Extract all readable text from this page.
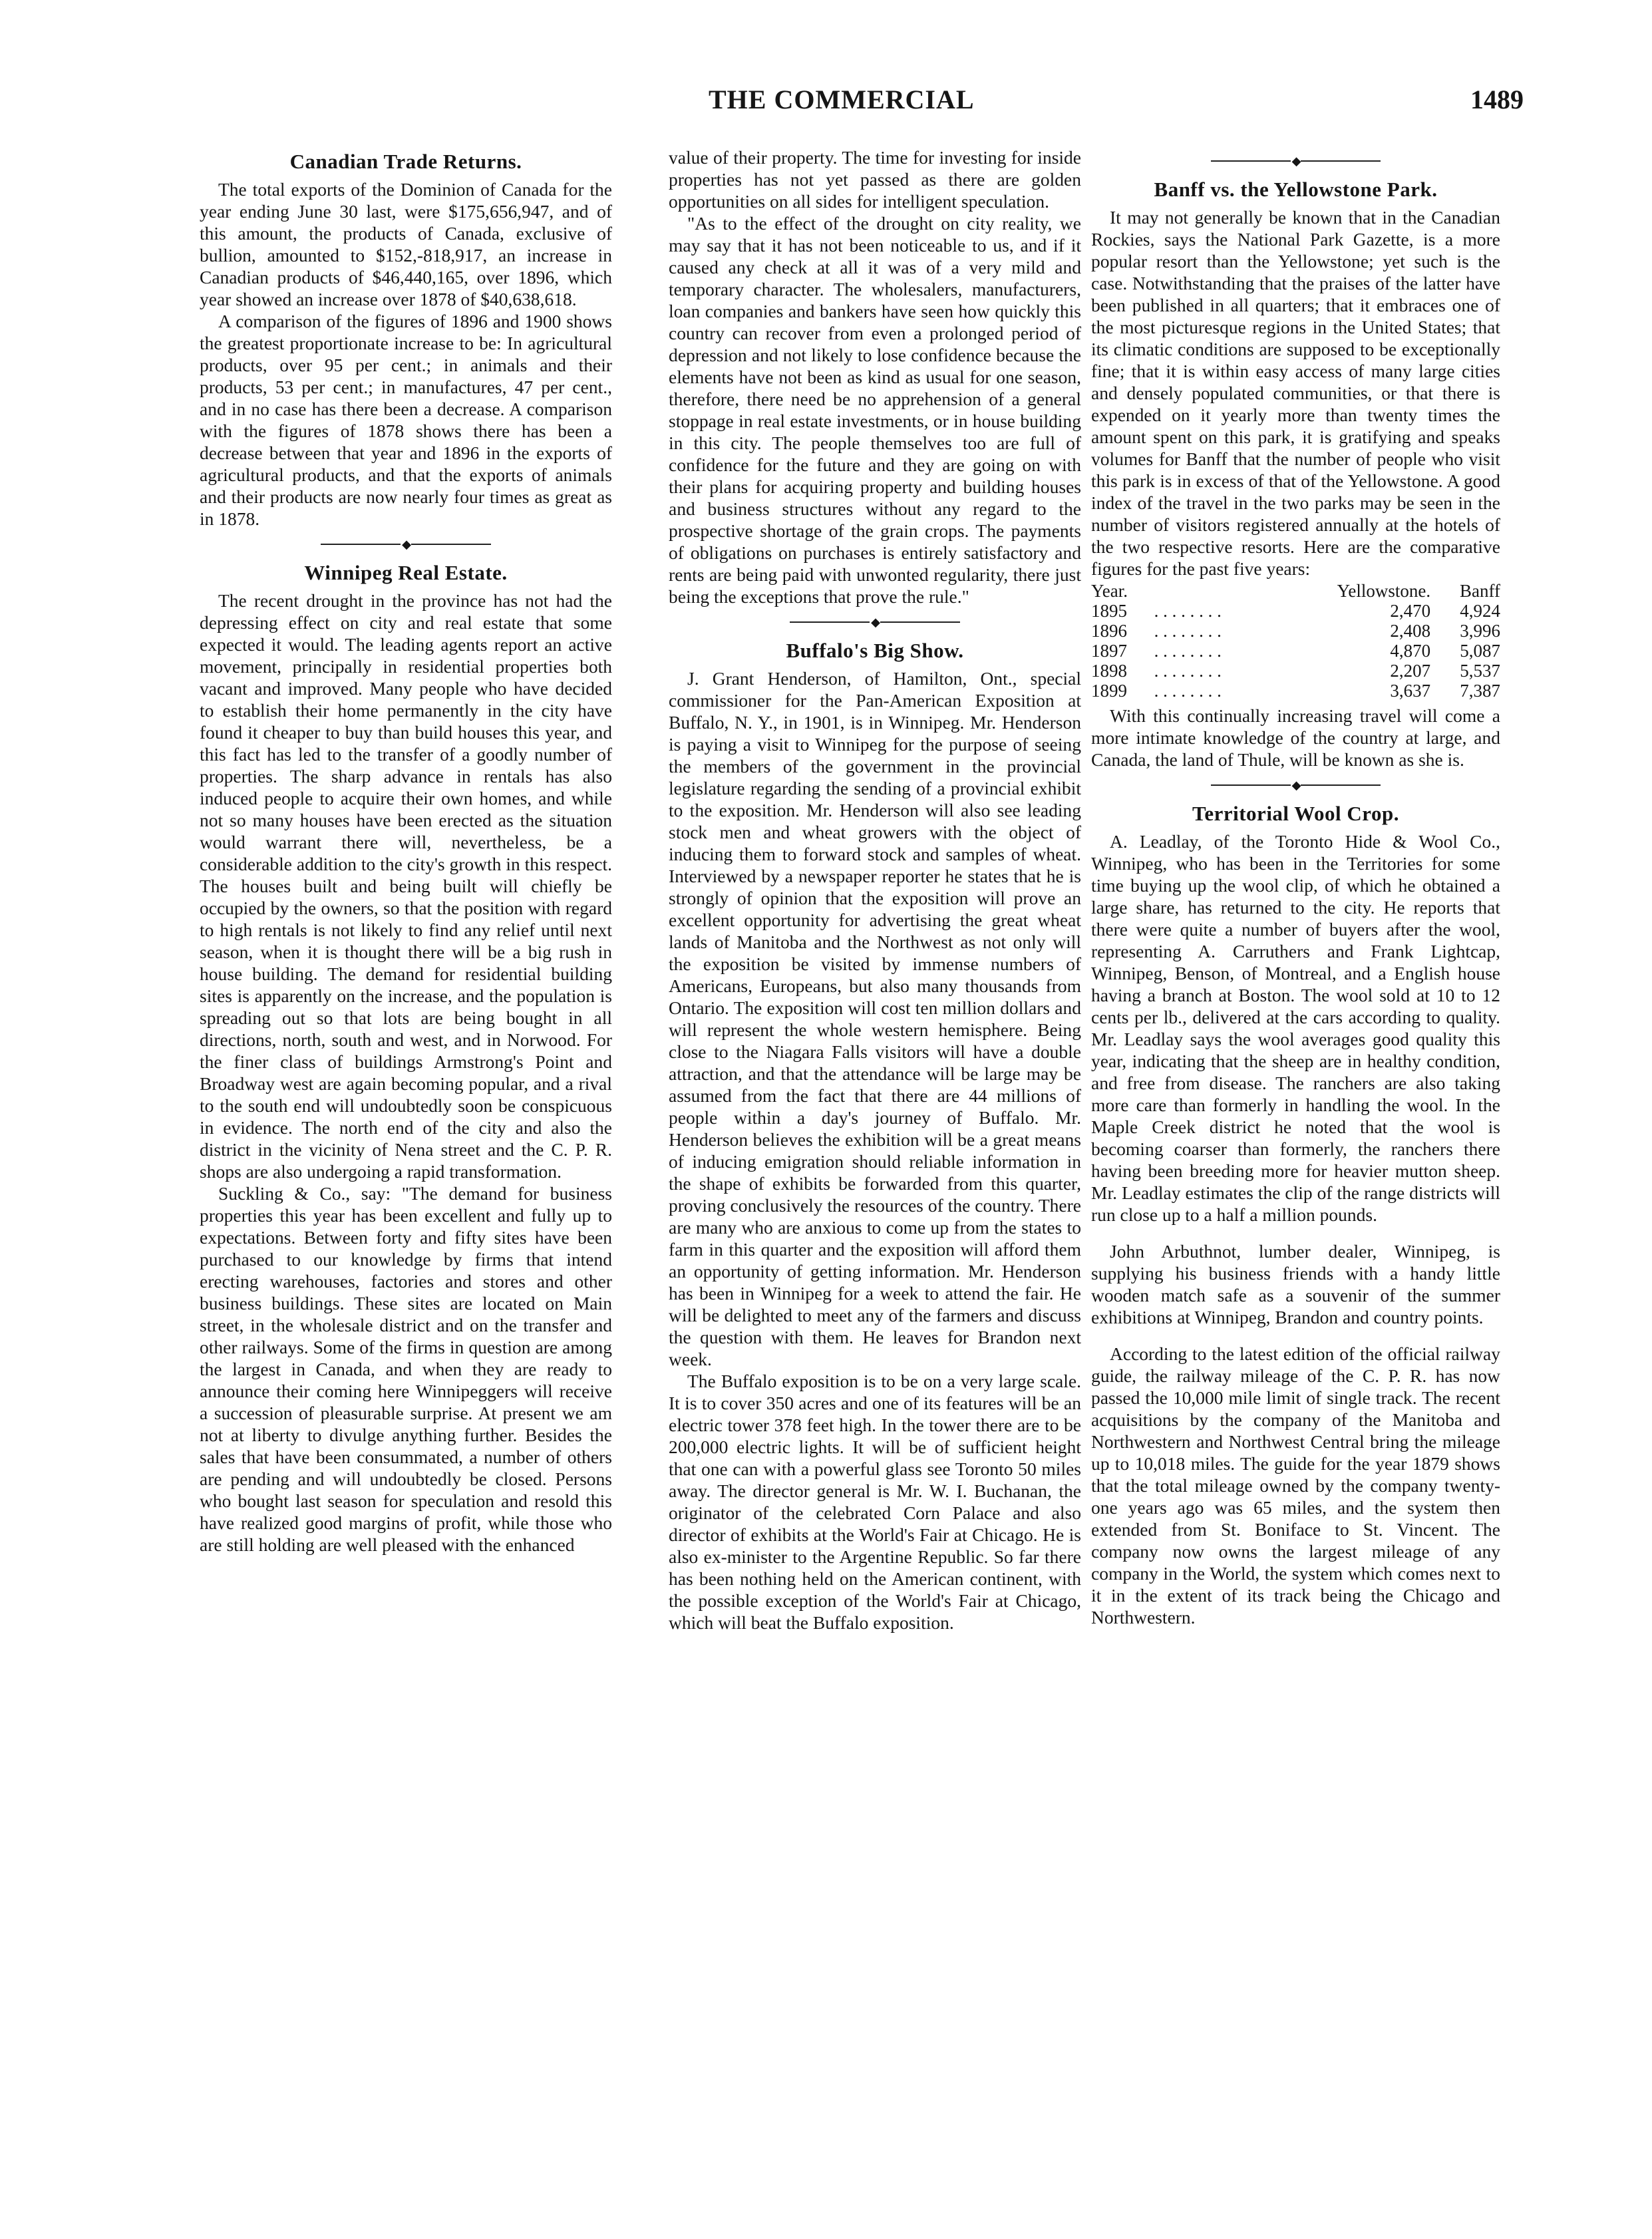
THE COMMERCIAL	1489
Canadian Trade Returns.

The total exports of the Dominion of Canada for the year ending June 30 last, were $175,656,947, and of this amount, the products of Canada, exclusive of bullion, amounted to $152,-818,917, an increase in Canadian products of $46,440,165, over 1896, which year showed an increase over 1878 of $40,638,618.

A comparison of the figures of 1896 and 1900 shows the greatest proportionate increase to be: In agricultural products, over 95 per cent.; in animals and their products, 53 per cent.; in manufactures, 47 per cent., and in no case has there been a decrease. A comparison with the figures of 1878 shows there has been a decrease between that year and 1896 in the exports of agricultural products, and that the exports of animals and their products are now nearly four times as great as in 1878.

◆
Winnipeg Real Estate.

The recent drought in the province has not had the depressing effect on city and real estate that some expected it would. The leading agents report an active movement, principally in residential properties both vacant and improved. Many people who have decided to establish their home permanently in the city have found it cheaper to buy than build houses this year, and this fact has led to the transfer of a goodly number of properties. The sharp advance in rentals has also induced people to acquire their own homes, and while not so many houses have been erected as the situation would warrant there will, nevertheless, be a considerable addition to the city's growth in this respect. The houses built and being built will chiefly be occupied by the owners, so that the position with regard to high rentals is not likely to find any relief until next season, when it is thought there will be a big rush in house building. The demand for residential building sites is apparently on the increase, and the population is spreading out so that lots are being bought in all directions, north, south and west, and in Norwood. For the finer class of buildings Armstrong's Point and Broadway west are again becoming popular, and a rival to the south end will undoubtedly soon be conspicuous in evidence. The north end of the city and also the district in the vicinity of Nena street and the C. P. R. shops are also undergoing a rapid transformation.

Suckling & Co., say: "The demand for business properties this year has been excellent and fully up to expectations. Between forty and fifty sites have been purchased to our knowledge by firms that intend erecting warehouses, factories and stores and other business buildings. These sites are located on Main street, in the wholesale district and on the transfer and other railways. Some of the firms in question are among the largest in Canada, and when they are ready to announce their coming here Winnipeggers will receive a succession of pleasurable surprise. At present we am not at liberty to divulge anything further. Besides the sales that have been consummated, a number of others are pending and will undoubtedly be closed. Persons who bought last season for speculation and resold this have realized good margins of profit, while those who are still holding are well pleased with the enhanced

value of their property. The time for investing for inside properties has not yet passed as there are golden opportunities on all sides for intelligent speculation.

"As to the effect of the drought on city reality, we may say that it has not been noticeable to us, and if it caused any check at all it was of a very mild and temporary character. The wholesalers, manufacturers, loan companies and bankers have seen how quickly this country can recover from even a prolonged period of depression and not likely to lose confidence because the elements have not been as kind as usual for one season, therefore, there need be no apprehension of a general stoppage in real estate investments, or in house building in this city. The people themselves too are full of confidence for the future and they are going on with their plans for acquiring property and building houses and business structures without any regard to the prospective shortage of the grain crops. The payments of obligations on purchases is entirely satisfactory and rents are being paid with unwonted regularity, there just being the exceptions that prove the rule."

◆
Buffalo's Big Show.

J. Grant Henderson, of Hamilton, Ont., special commissioner for the Pan-American Exposition at Buffalo, N. Y., in 1901, is in Winnipeg. Mr. Henderson is paying a visit to Winnipeg for the purpose of seeing the members of the government in the provincial legislature regarding the sending of a provincial exhibit to the exposition. Mr. Henderson will also see leading stock men and wheat growers with the object of inducing them to forward stock and samples of wheat. Interviewed by a newspaper reporter he states that he is strongly of opinion that the exposition will prove an excellent opportunity for advertising the great wheat lands of Manitoba and the Northwest as not only will the exposition be visited by immense numbers of Americans, Europeans, but also many thousands from Ontario. The exposition will cost ten million dollars and will represent the whole western hemisphere. Being close to the Niagara Falls visitors will have a double attraction, and that the attendance will be large may be assumed from the fact that there are 44 millions of people within a day's journey of Buffalo. Mr. Henderson believes the exhibition will be a great means of inducing emigration should reliable information in the shape of exhibits be forwarded from this quarter, proving conclusively the resources of the country. There are many who are anxious to come up from the states to farm in this quarter and the exposition will afford them an opportunity of getting information. Mr. Henderson has been in Winnipeg for a week to attend the fair. He will be delighted to meet any of the farmers and discuss the question with them. He leaves for Brandon next week.

The Buffalo exposition is to be on a very large scale. It is to cover 350 acres and one of its features will be an electric tower 378 feet high. In the tower there are to be 200,000 electric lights. It will be of sufficient height that one can with a powerful glass see Toronto 50 miles away. The director general is Mr. W. I. Buchanan, the originator of the celebrated Corn Palace and also director of exhibits at the World's Fair at Chicago. He is also ex-minister to the Argentine Republic. So far there has been nothing held on the American continent, with the possible exception of the World's Fair at Chicago, which will beat the Buffalo exposition.

◆
Banff vs. the Yellowstone Park.

It may not generally be known that in the Canadian Rockies, says the National Park Gazette, is a more popular resort than the Yellowstone; yet such is the case. Notwithstanding that the praises of the latter have been published in all quarters; that it embraces one of the most picturesque regions in the United States; that its climatic conditions are supposed to be exceptionally fine; that it is within easy access of many large cities and densely populated communities, or that there is expended on it yearly more than twenty times the amount spent on this park, it is gratifying and speaks volumes for Banff that the number of people who visit this park is in excess of that of the Yellowstone. A good index of the travel in the two parks may be seen in the number of visitors registered annually at the hotels of the two respective resorts. Here are the comparative figures for the past five years:

Year.		Yellowstone.	Banff
1895	. . . . . . . .	2,470	4,924
1896	. . . . . . . .	2,408	3,996
1897	. . . . . . . .	4,870	5,087
1898	. . . . . . . .	2,207	5,537
1899	. . . . . . . .	3,637	7,387

With this continually increasing travel will come a more intimate knowledge of the country at large, and Canada, the land of Thule, will be known as she is.

◆
Territorial Wool Crop.

A. Leadlay, of the Toronto Hide & Wool Co., Winnipeg, who has been in the Territories for some time buying up the wool clip, of which he obtained a large share, has returned to the city. He reports that there were quite a number of buyers after the wool, representing A. Carruthers and Frank Lightcap, Winnipeg, Benson, of Montreal, and a English house having a branch at Boston. The wool sold at 10 to 12 cents per lb., delivered at the cars according to quality. Mr. Leadlay says the wool averages good quality this year, indicating that the sheep are in healthy condition, and free from disease. The ranchers are also taking more care than formerly in handling the wool. In the Maple Creek district he noted that the wool is becoming coarser than formerly, the ranchers there having been breeding more for heavier mutton sheep. Mr. Leadlay estimates the clip of the range districts will run close up to a half a million pounds.

John Arbuthnot, lumber dealer, Winnipeg, is supplying his business friends with a handy little wooden match safe as a souvenir of the summer exhibitions at Winnipeg, Brandon and country points.

According to the latest edition of the official railway guide, the railway mileage of the C. P. R. has now passed the 10,000 mile limit of single track. The recent acquisitions by the company of the Manitoba and Northwestern and Northwest Central bring the mileage up to 10,018 miles. The guide for the year 1879 shows that the total mileage owned by the company twenty-one years ago was 65 miles, and the system then extended from St. Boniface to St. Vincent. The company now owns the largest mileage of any company in the World, the system which comes next to it in the extent of its track being the Chicago and Northwestern.
